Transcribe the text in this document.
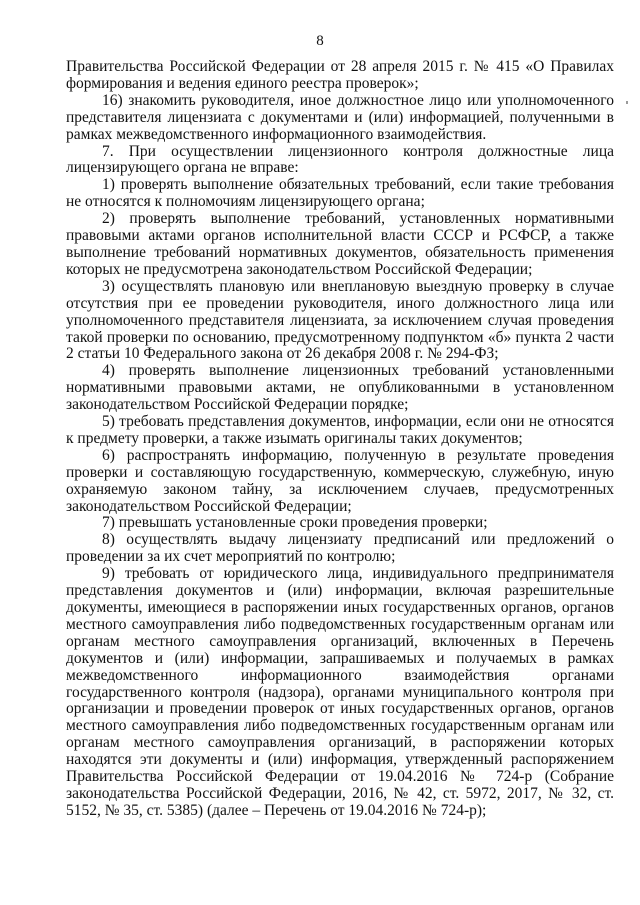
8

Правительства Российской Федерации от 28 апреля 2015 г. № 415 «О Правилах формирования и ведения единого реестра проверок»;

16) знакомить руководителя, иное должностное лицо или уполномоченного представителя лицензиата с документами и (или) информацией, полученными в рамках межведомственного информационного взаимодействия.

7. При осуществлении лицензионного контроля должностные лица лицензирующего органа не вправе:

1) проверять выполнение обязательных требований, если такие требования не относятся к полномочиям лицензирующего органа;

2) проверять выполнение требований, установленных нормативными правовыми актами органов исполнительной власти СССР и РСФСР, а также выполнение требований нормативных документов, обязательность применения которых не предусмотрена законодательством Российской Федерации;

3) осуществлять плановую или внеплановую выездную проверку в случае отсутствия при ее проведении руководителя, иного должностного лица или уполномоченного представителя лицензиата, за исключением случая проведения такой проверки по основанию, предусмотренному подпунктом «б» пункта 2 части 2 статьи 10 Федерального закона от 26 декабря 2008 г. № 294-ФЗ;

4) проверять выполнение лицензионных требований установленными нормативными правовыми актами, не опубликованными в установленном законодательством Российской Федерации порядке;

5) требовать представления документов, информации, если они не относятся к предмету проверки, а также изымать оригиналы таких документов;

6) распространять информацию, полученную в результате проведения проверки и составляющую государственную, коммерческую, служебную, иную охраняемую законом тайну, за исключением случаев, предусмотренных законодательством Российской Федерации;

7) превышать установленные сроки проведения проверки;

8) осуществлять выдачу лицензиату предписаний или предложений о проведении за их счет мероприятий по контролю;

9) требовать от юридического лица, индивидуального предпринимателя представления документов и (или) информации, включая разрешительные документы, имеющиеся в распоряжении иных государственных органов, органов местного самоуправления либо подведомственных государственным органам или органам местного самоуправления организаций, включенных в Перечень документов и (или) информации, запрашиваемых и получаемых в рамках межведомственного информационного взаимодействия органами государственного контроля (надзора), органами муниципального контроля при организации и проведении проверок от иных государственных органов, органов местного самоуправления либо подведомственных государственным органам или органам местного самоуправления организаций, в распоряжении которых находятся эти документы и (или) информация, утвержденный распоряжением Правительства Российской Федерации от 19.04.2016 № 724-р (Собрание законодательства Российской Федерации, 2016, № 42, ст. 5972, 2017, № 32, ст. 5152, № 35, ст. 5385) (далее – Перечень от 19.04.2016 № 724-р);
